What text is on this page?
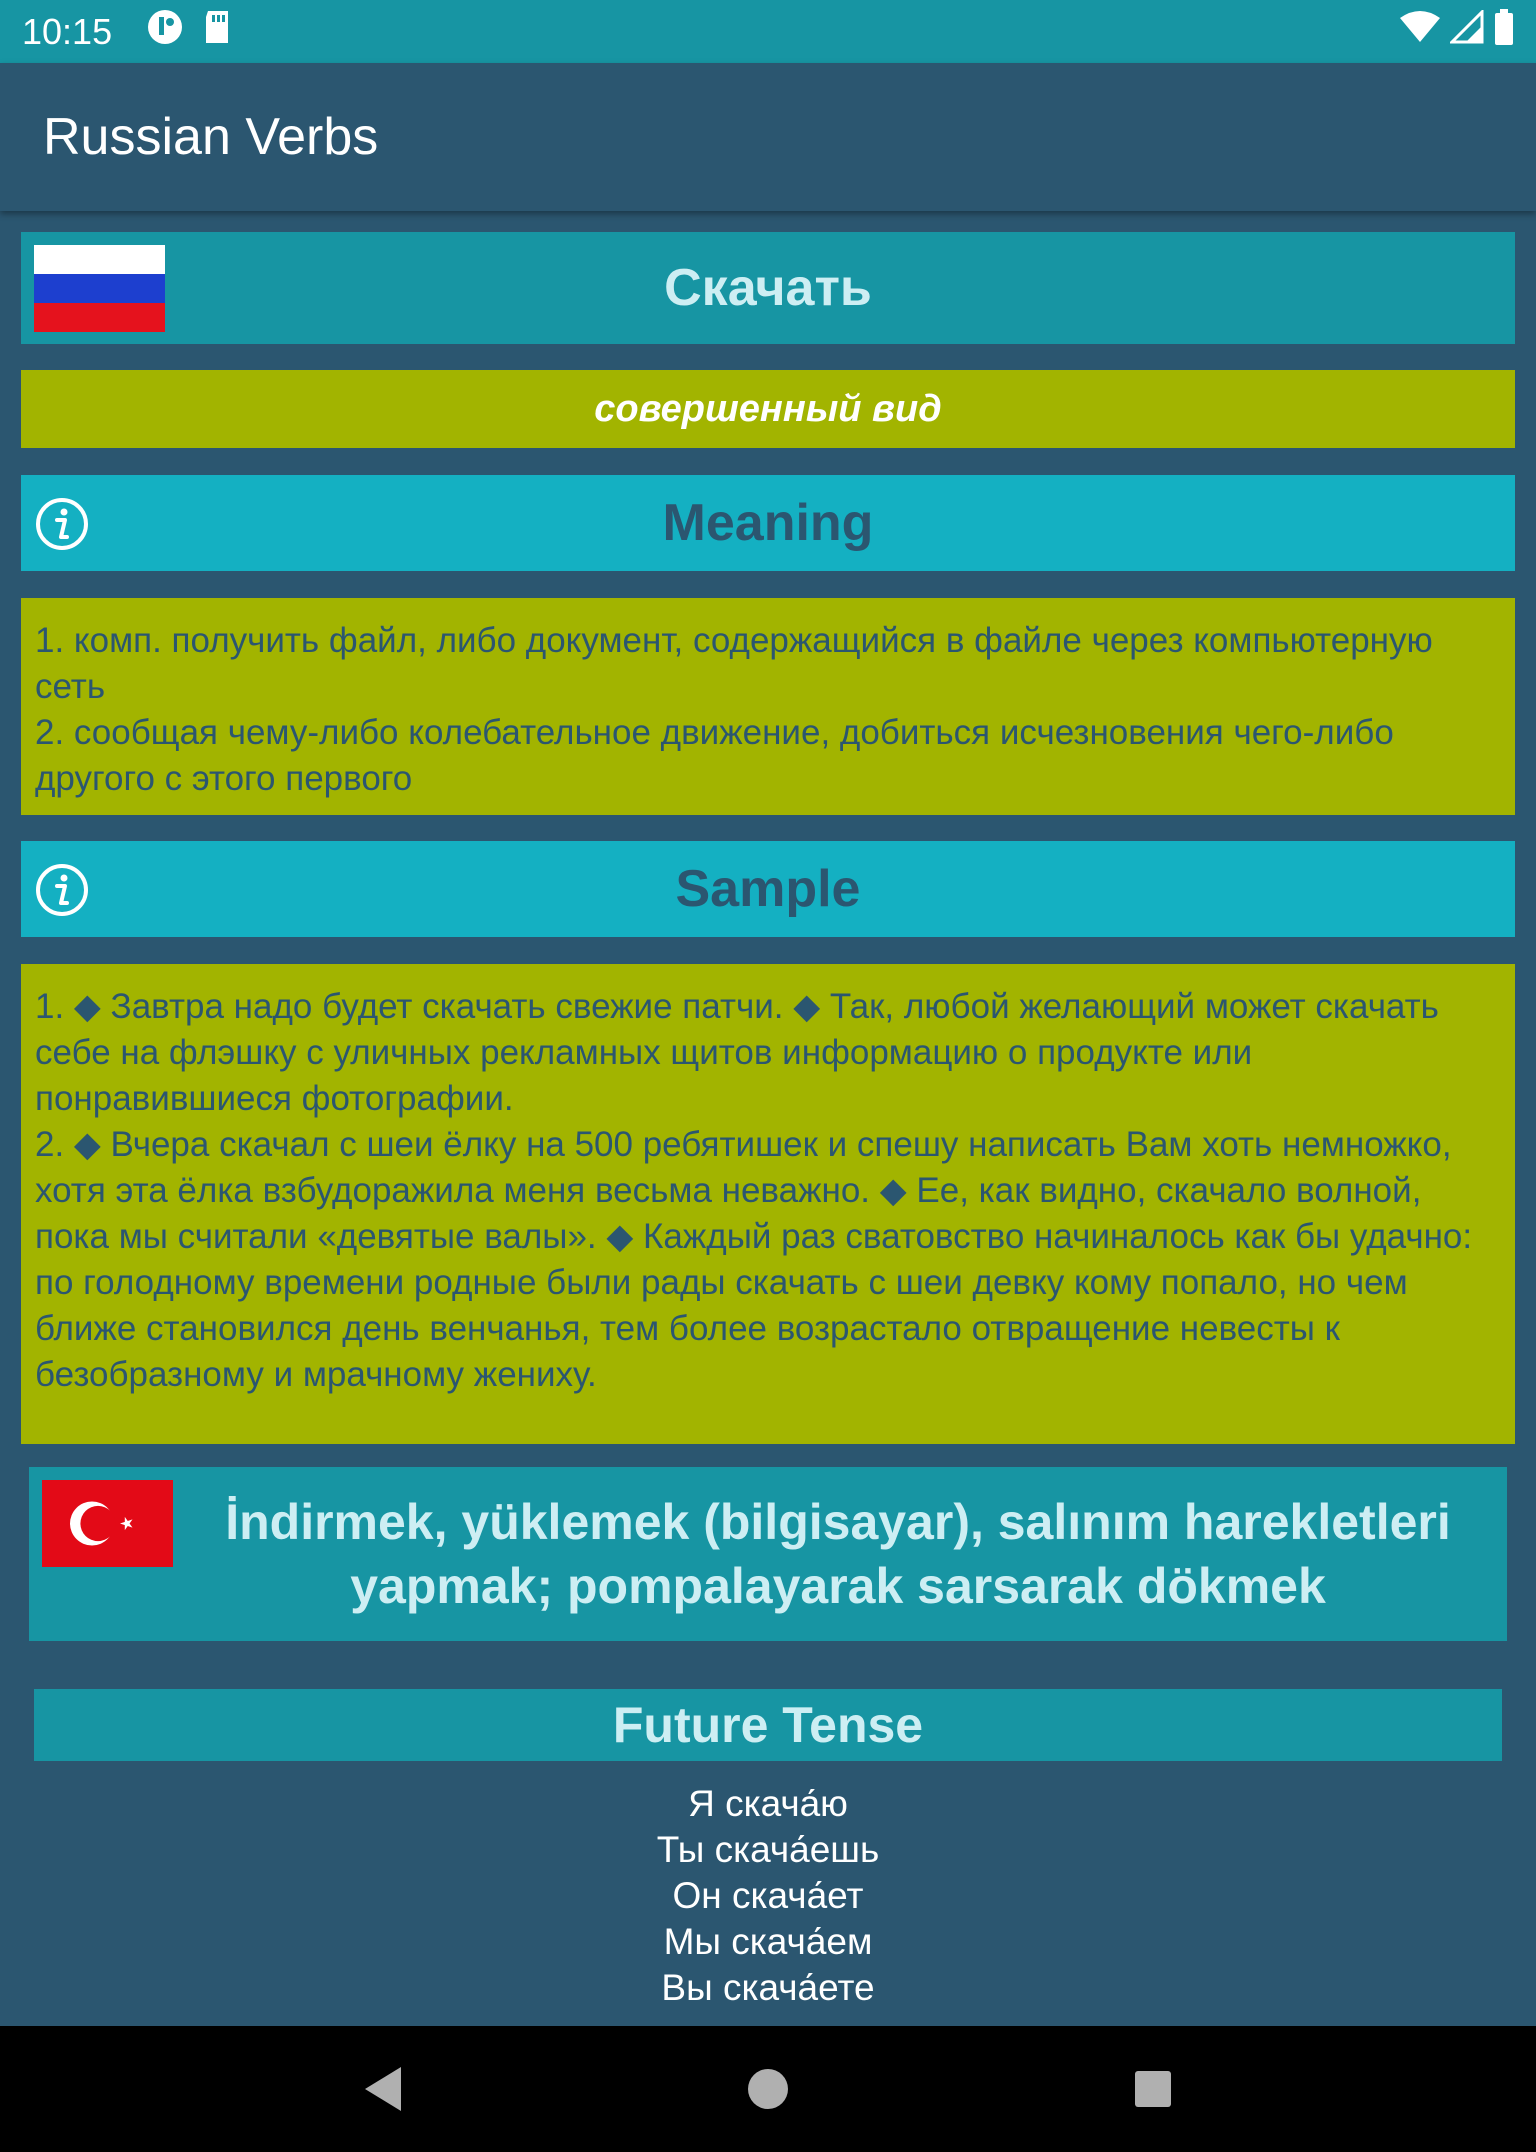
10:15
Russian Verbs
Скачать
совершенный вид
Meaning
1. комп. получить файл, либо документ, содержащийся в файле через компьютерную сеть
2. сообщая чему-либо колебательное движение, добиться исчезновения чего-либо другого с этого первого
Sample
1. ◆ Завтра надо будет скачать свежие патчи. ◆ Так, любой желающий может скачать себе на флэшку с уличных рекламных щитов информацию о продукте или понравившиеся фотографии.
2. ◆ Вчера скачал с шеи ёлку на 500 ребятишек и спешу написать Вам хоть немножко, хотя эта ёлка взбудоражила меня весьма неважно. ◆ Ее, как видно, скачало волной, пока мы считали «девятые валы». ◆ Каждый раз сватовство начиналось как бы удачно: по голодному времени родные были рады скачать с шеи девку кому попало, но чем ближе становился день венчанья, тем более возрастало отвращение невесты к безобразному и мрачному жениху.
İndirmek, yüklemek (bilgisayar), salınım harekletleri yapmak; pompalayarak sarsarak dökmek
Future Tense
Я скача́ю
Ты скача́ешь
Он скача́ет
Мы скача́ем
Вы скача́ете
